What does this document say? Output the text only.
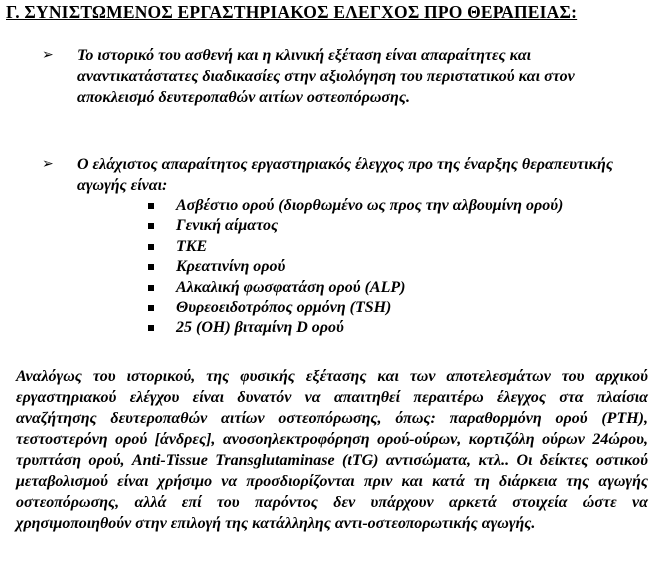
Γ. ΣΥΝΙΣΤΩΜΕΝΟΣ ΕΡΓΑΣΤΗΡΙΑΚΟΣ ΕΛΕΓΧΟΣ ΠΡΟ ΘΕΡΑΠΕΙΑΣ:
➢ Το ιστορικό του ασθενή και η κλινική εξέταση είναι απαραίτητες και αναντικατάστατες διαδικασίες στην αξιολόγηση του περιστατικού και στον αποκλεισμό δευτεροπαθών αιτίων οστεοπόρωσης.
➢ Ο ελάχιστος απαραίτητος εργαστηριακός έλεγχος προ της έναρξης θεραπευτικής αγωγής είναι:
Ασβέστιο ορού (διορθωμένο ως προς την αλβουμίνη ορού)
Γενική αίματος
ΤΚΕ
Κρεατινίνη ορού
Αλκαλική φωσφατάση ορού (ALP)
Θυρεοειδοτρόπος ορμόνη (TSH)
25 (OH) βιταμίνη D ορού
Αναλόγως του ιστορικού, της φυσικής εξέτασης και των αποτελεσμάτων του αρχικού εργαστηριακού ελέγχου είναι δυνατόν να απαιτηθεί περαιτέρω έλεγχος στα πλαίσια αναζήτησης δευτεροπαθών αιτίων οστεοπόρωσης, όπως: παραθορμόνη ορού (PTH), τεστοστερόνη ορού [άνδρες], ανοσοηλεκτροφόρηση ορού-ούρων, κορτιζόλη ούρων 24ώρου, τρυπτάση ορού, Anti-Tissue Transglutaminase (tTG) αντισώματα, κτλ.. Οι δείκτες οστικού μεταβολισμού είναι χρήσιμο να προσδιορίζονται πριν και κατά τη διάρκεια της αγωγής οστεοπόρωσης, αλλά επί του παρόντος δεν υπάρχουν αρκετά στοιχεία ώστε να χρησιμοποιηθούν στην επιλογή της κατάλληλης αντι-οστεοπορωτικής αγωγής.
